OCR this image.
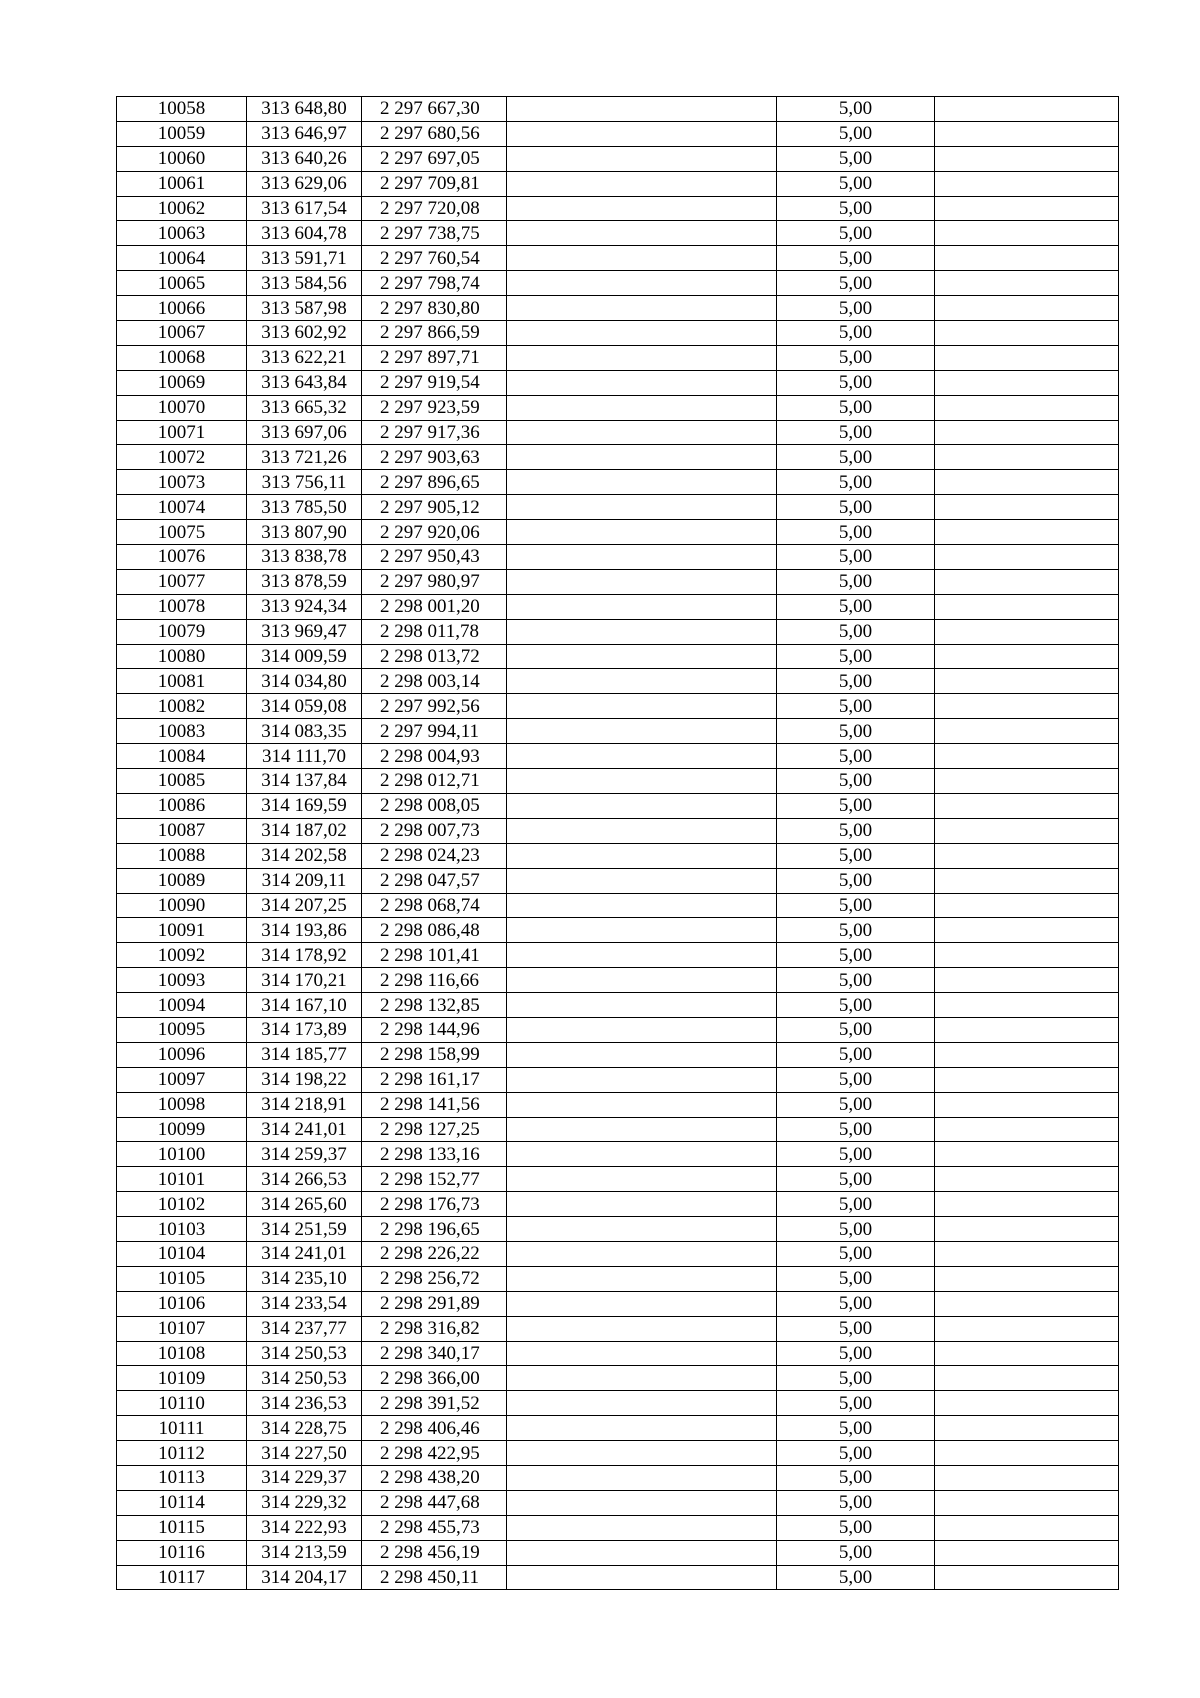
10058	313 648,80	2 297 667,30		5,00	
10059	313 646,97	2 297 680,56		5,00	
10060	313 640,26	2 297 697,05		5,00	
10061	313 629,06	2 297 709,81		5,00	
10062	313 617,54	2 297 720,08		5,00	
10063	313 604,78	2 297 738,75		5,00	
10064	313 591,71	2 297 760,54		5,00	
10065	313 584,56	2 297 798,74		5,00	
10066	313 587,98	2 297 830,80		5,00	
10067	313 602,92	2 297 866,59		5,00	
10068	313 622,21	2 297 897,71		5,00	
10069	313 643,84	2 297 919,54		5,00	
10070	313 665,32	2 297 923,59		5,00	
10071	313 697,06	2 297 917,36		5,00	
10072	313 721,26	2 297 903,63		5,00	
10073	313 756,11	2 297 896,65		5,00	
10074	313 785,50	2 297 905,12		5,00	
10075	313 807,90	2 297 920,06		5,00	
10076	313 838,78	2 297 950,43		5,00	
10077	313 878,59	2 297 980,97		5,00	
10078	313 924,34	2 298 001,20		5,00	
10079	313 969,47	2 298 011,78		5,00	
10080	314 009,59	2 298 013,72		5,00	
10081	314 034,80	2 298 003,14		5,00	
10082	314 059,08	2 297 992,56		5,00	
10083	314 083,35	2 297 994,11		5,00	
10084	314 111,70	2 298 004,93		5,00	
10085	314 137,84	2 298 012,71		5,00	
10086	314 169,59	2 298 008,05		5,00	
10087	314 187,02	2 298 007,73		5,00	
10088	314 202,58	2 298 024,23		5,00	
10089	314 209,11	2 298 047,57		5,00	
10090	314 207,25	2 298 068,74		5,00	
10091	314 193,86	2 298 086,48		5,00	
10092	314 178,92	2 298 101,41		5,00	
10093	314 170,21	2 298 116,66		5,00	
10094	314 167,10	2 298 132,85		5,00	
10095	314 173,89	2 298 144,96		5,00	
10096	314 185,77	2 298 158,99		5,00	
10097	314 198,22	2 298 161,17		5,00	
10098	314 218,91	2 298 141,56		5,00	
10099	314 241,01	2 298 127,25		5,00	
10100	314 259,37	2 298 133,16		5,00	
10101	314 266,53	2 298 152,77		5,00	
10102	314 265,60	2 298 176,73		5,00	
10103	314 251,59	2 298 196,65		5,00	
10104	314 241,01	2 298 226,22		5,00	
10105	314 235,10	2 298 256,72		5,00	
10106	314 233,54	2 298 291,89		5,00	
10107	314 237,77	2 298 316,82		5,00	
10108	314 250,53	2 298 340,17		5,00	
10109	314 250,53	2 298 366,00		5,00	
10110	314 236,53	2 298 391,52		5,00	
10111	314 228,75	2 298 406,46		5,00	
10112	314 227,50	2 298 422,95		5,00	
10113	314 229,37	2 298 438,20		5,00	
10114	314 229,32	2 298 447,68		5,00	
10115	314 222,93	2 298 455,73		5,00	
10116	314 213,59	2 298 456,19		5,00	
10117	314 204,17	2 298 450,11		5,00	
